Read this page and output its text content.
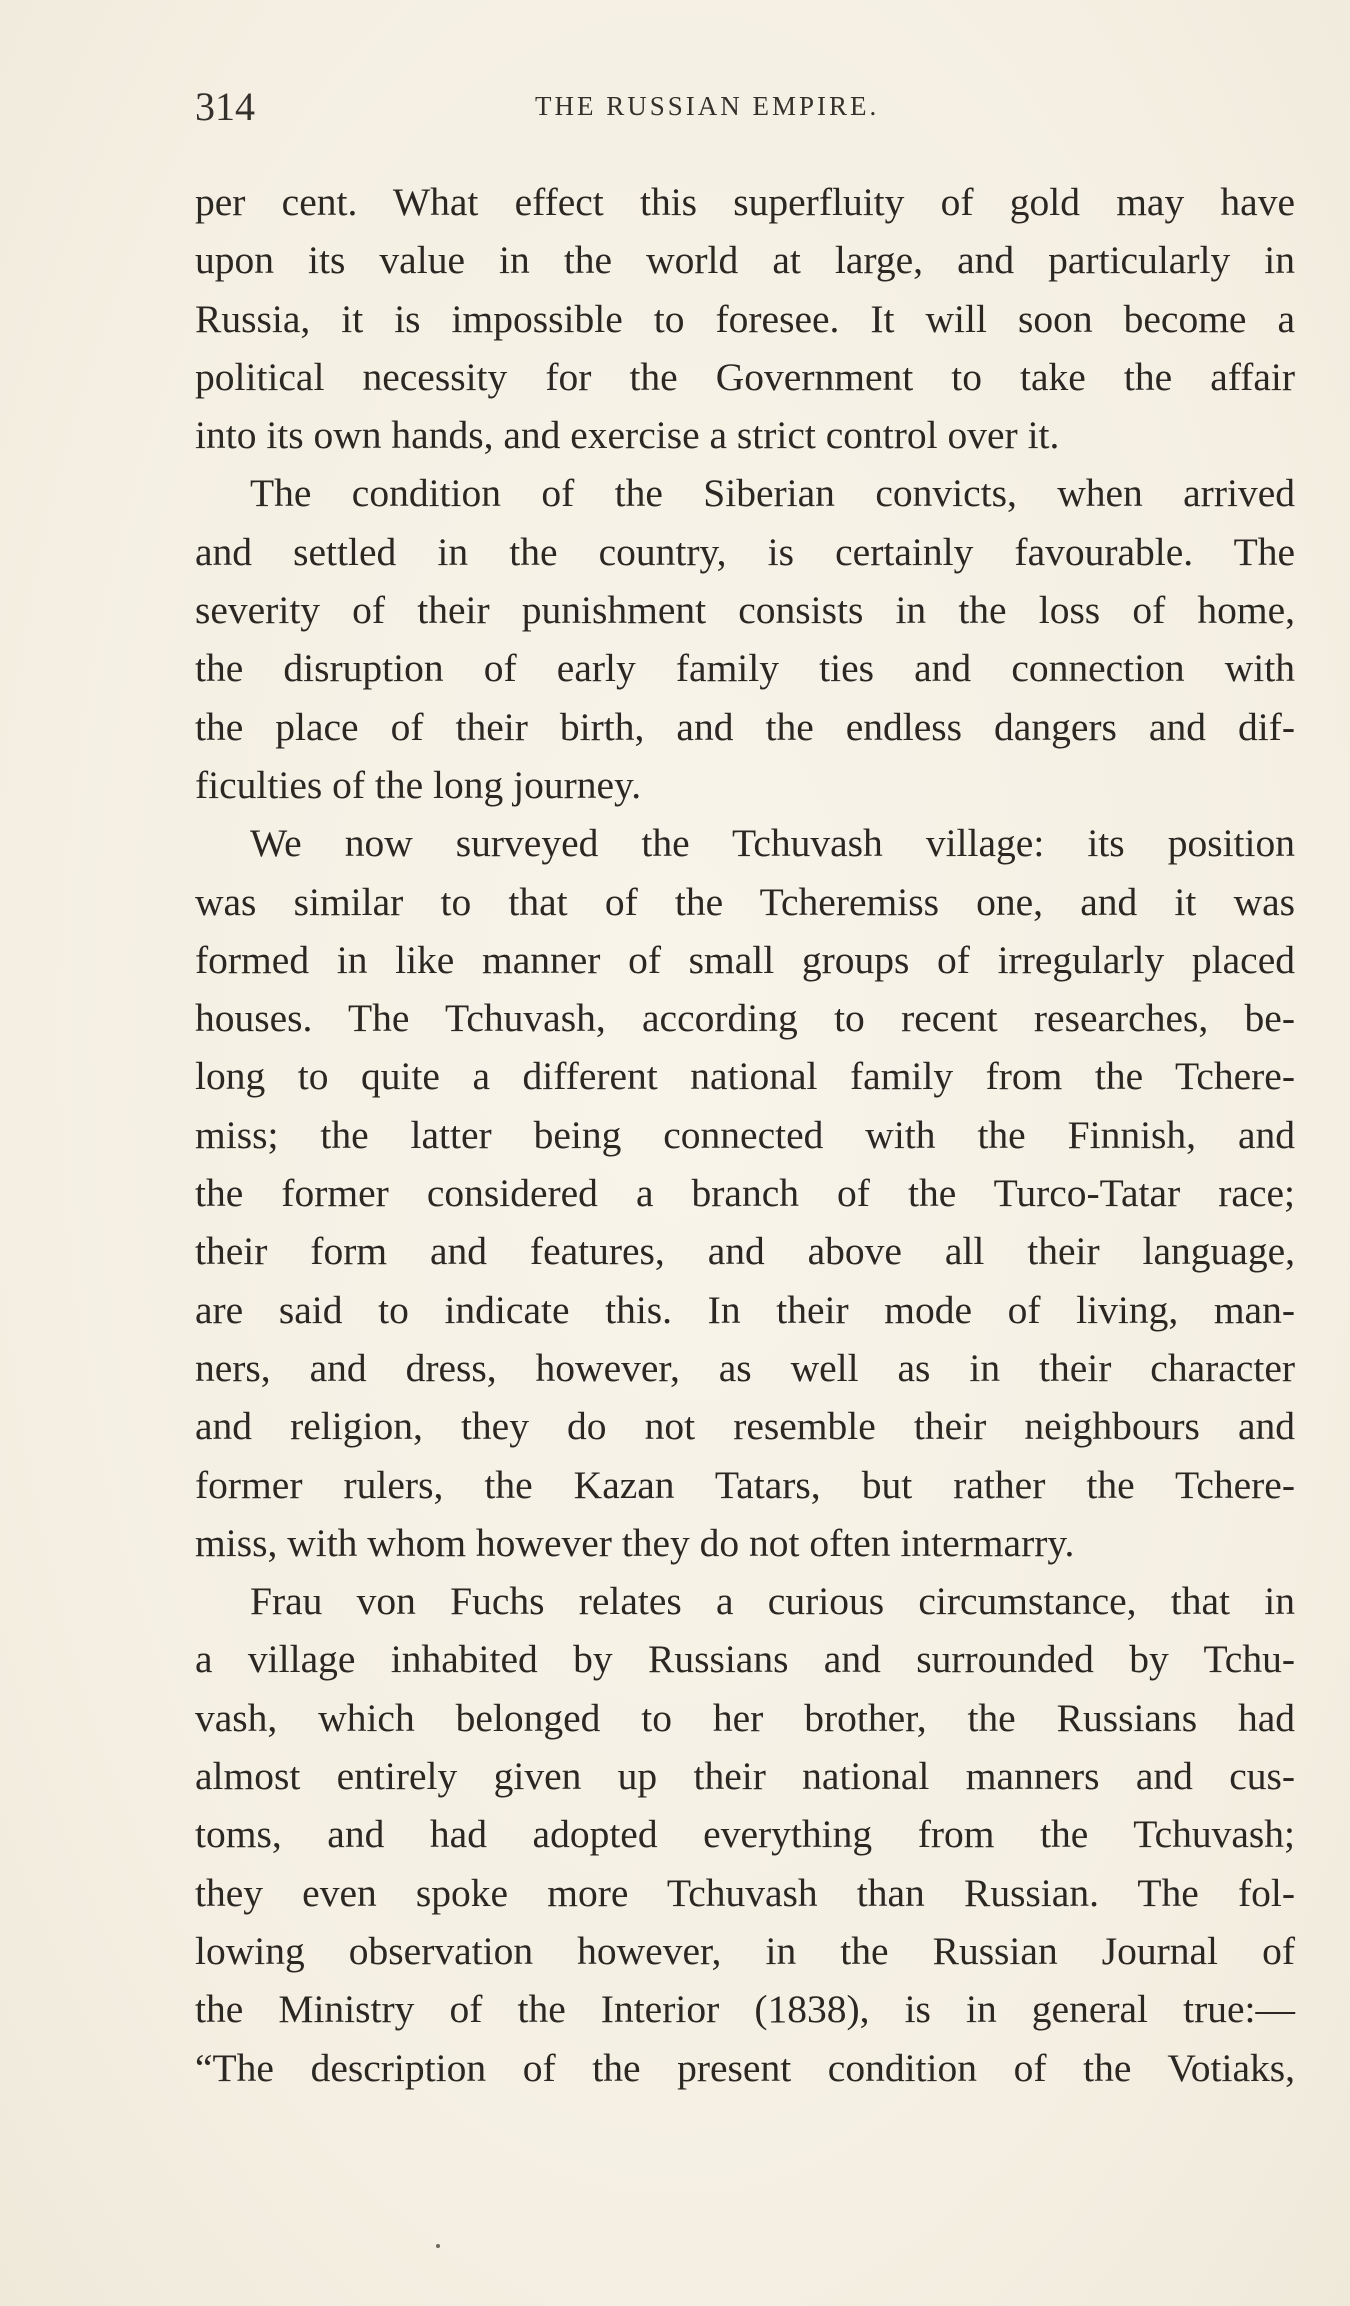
314	THE RUSSIAN EMPIRE.
per cent. What effect this superfluity of gold may have
upon its value in the world at large, and particularly in
Russia, it is impossible to foresee. It will soon become a
political necessity for the Government to take the affair
into its own hands, and exercise a strict control over it.
The condition of the Siberian convicts, when arrived
and settled in the country, is certainly favourable. The
severity of their punishment consists in the loss of home,
the disruption of early family ties and connection with
the place of their birth, and the endless dangers and dif-
ficulties of the long journey.
We now surveyed the Tchuvash village: its position
was similar to that of the Tcheremiss one, and it was
formed in like manner of small groups of irregularly placed
houses. The Tchuvash, according to recent researches, be-
long to quite a different national family from the Tchere-
miss; the latter being connected with the Finnish, and
the former considered a branch of the Turco-Tatar race;
their form and features, and above all their language,
are said to indicate this. In their mode of living, man-
ners, and dress, however, as well as in their character
and religion, they do not resemble their neighbours and
former rulers, the Kazan Tatars, but rather the Tchere-
miss, with whom however they do not often intermarry.
Frau von Fuchs relates a curious circumstance, that in
a village inhabited by Russians and surrounded by Tchu-
vash, which belonged to her brother, the Russians had
almost entirely given up their national manners and cus-
toms, and had adopted everything from the Tchuvash;
they even spoke more Tchuvash than Russian. The fol-
lowing observation however, in the Russian Journal of
the Ministry of the Interior (1838), is in general true:—
“The description of the present condition of the Votiaks,
